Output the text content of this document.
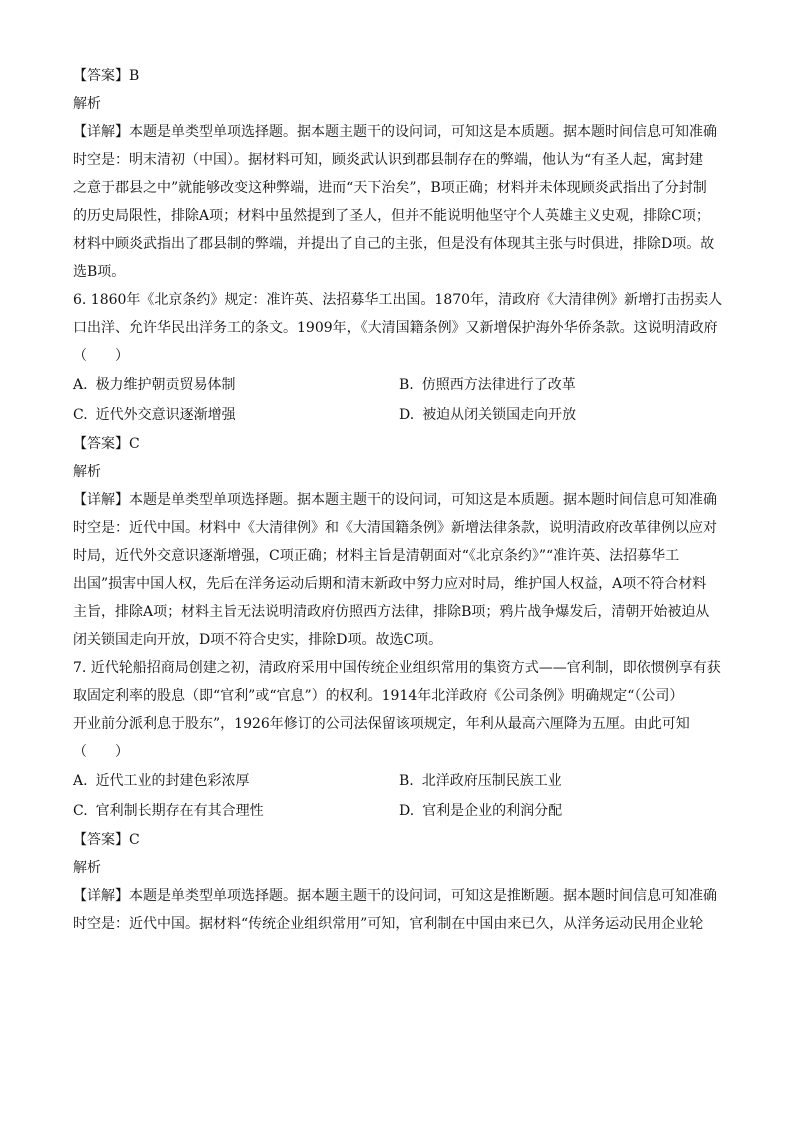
【答案】B
解析
【详解】本题是单类型单项选择题。据本题主题干的设问词，可知这是本质题。据本题时间信息可知准确
时空是：明末清初（中国）。据材料可知，顾炎武认识到郡县制存在的弊端，他认为“有圣人起，寓封建
之意于郡县之中”就能够改变这种弊端，进而“天下治矣”，B项正确；材料并未体现顾炎武指出了分封制
的历史局限性，排除A项；材料中虽然提到了圣人，但并不能说明他坚守个人英雄主义史观，排除C项；
材料中顾炎武指出了郡县制的弊端，并提出了自己的主张，但是没有体现其主张与时俱进，排除D项。故
选B项。
6. 1860年《北京条约》规定：准许英、法招募华工出国。1870年，清政府《大清律例》新增打击拐卖人
口出洋、允许华民出洋务工的条文。1909年，《大清国籍条例》又新增保护海外华侨条款。这说明清政府
（　　）
A. 极力维护朝贡贸易体制	B. 仿照西方法律进行了改革
C. 近代外交意识逐渐增强	D. 被迫从闭关锁国走向开放
【答案】C
解析
【详解】本题是单类型单项选择题。据本题主题干的设问词，可知这是本质题。据本题时间信息可知准确
时空是：近代中国。材料中《大清律例》和《大清国籍条例》新增法律条款，说明清政府改革律例以应对
时局，近代外交意识逐渐增强，C项正确；材料主旨是清朝面对“《北京条约》”“准许英、法招募华工
出国”损害中国人权，先后在洋务运动后期和清末新政中努力应对时局，维护国人权益，A项不符合材料
主旨，排除A项；材料主旨无法说明清政府仿照西方法律，排除B项；鸦片战争爆发后，清朝开始被迫从
闭关锁国走向开放，D项不符合史实，排除D项。故选C项。
7. 近代轮船招商局创建之初，清政府采用中国传统企业组织常用的集资方式——官利制，即依惯例享有获
取固定利率的股息（即“官利”或“官息”）的权利。1914年北洋政府《公司条例》明确规定“（公司）
开业前分派利息于股东”，1926年修订的公司法保留该项规定，年利从最高六厘降为五厘。由此可知
（　　）
A. 近代工业的封建色彩浓厚	B. 北洋政府压制民族工业
C. 官利制长期存在有其合理性	D. 官利是企业的利润分配
【答案】C
解析
【详解】本题是单类型单项选择题。据本题主题干的设问词，可知这是推断题。据本题时间信息可知准确
时空是：近代中国。据材料“传统企业组织常用”可知，官利制在中国由来已久，从洋务运动民用企业轮
